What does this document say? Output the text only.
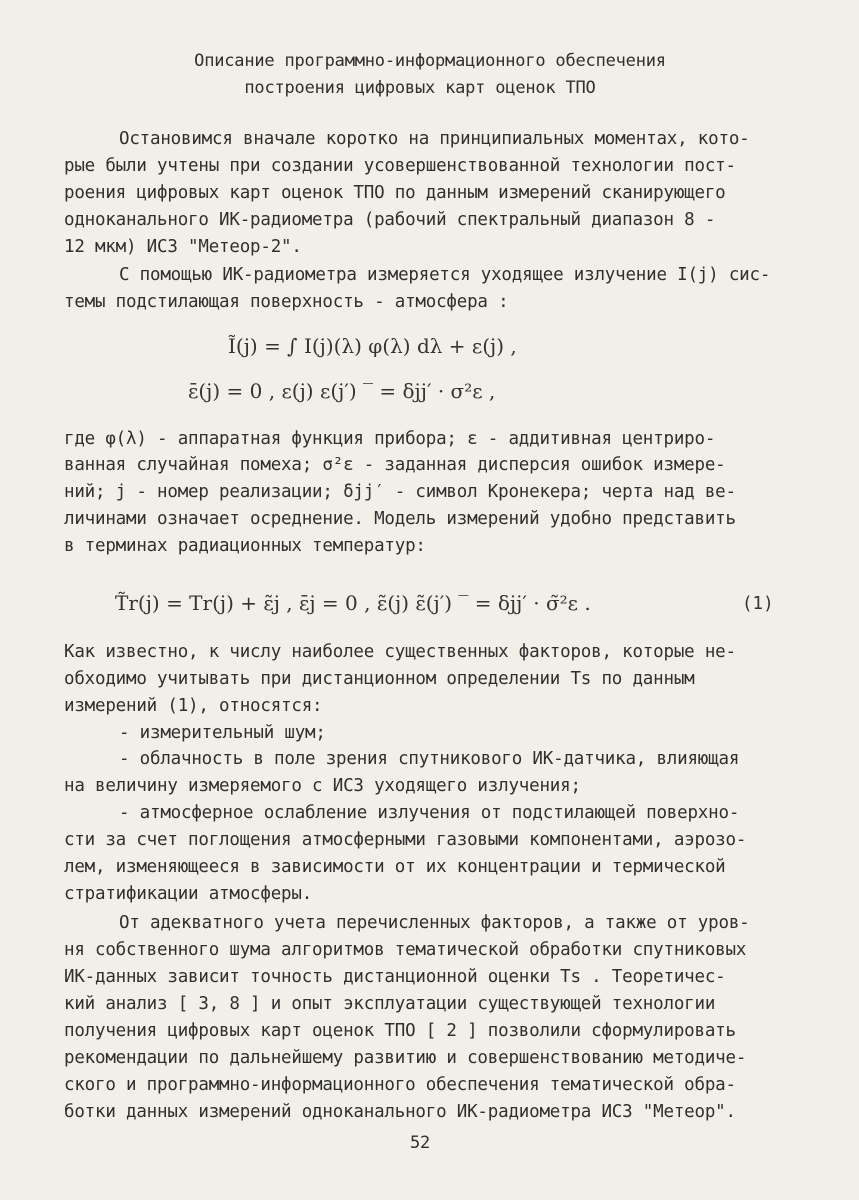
Описание программно-информационного обеспечения
построения цифровых карт оценок ТПО
Остановимся вначале коротко на принципиальных моментах, кото-
рые были учтены при создании усовершенствованной технологии пост-
роения цифровых карт оценок ТПО по данным измерений сканирующего
одноканального ИК-радиометра (рабочий спектральный диапазон 8 -
12 мкм) ИСЗ "Метеор-2".
С помощью ИК-радиометра измеряется уходящее излучение I(j) сис-
темы подстилающая поверхность - атмосфера :
Ĩ(j) = ∫ I(j)(λ) φ(λ) dλ + ε(j) ,
ε̄(j) = 0 , ε(j) ε(j′) ‾ = δjj′ · σ²ε ,
где φ(λ) - аппаратная функция прибора; ε - аддитивная центриро-
ванная случайная помеха; σ²ε - заданная дисперсия ошибок измере-
ний; j - номер реализации; δjj′ - символ Кронекера; черта над ве-
личинами означает осреднение. Модель измерений удобно представить
в терминах радиационных температур:
T̃r(j) = Tr(j) + ε̃j , ε̄j = 0 , ε̃(j) ε̃(j′) ‾ = δjj′ · σ̃²ε .	(1)
Как известно, к числу наиболее существенных факторов, которые не-
обходимо учитывать при дистанционном определении Ts по данным
измерений (1), относятся:
- измерительный шум;
- облачность в поле зрения спутникового ИК-датчика, влияющая
на величину измеряемого с ИСЗ уходящего излучения;
- атмосферное ослабление излучения от подстилающей поверхно-
сти за счет поглощения атмосферными газовыми компонентами, аэрозо-
лем, изменяющееся в зависимости от их концентрации и термической
стратификации атмосферы.
От адекватного учета перечисленных факторов, а также от уров-
ня собственного шума алгоритмов тематической обработки спутниковых
ИК-данных зависит точность дистанционной оценки Ts . Теоретичес-
кий анализ [ 3, 8 ] и опыт эксплуатации существующей технологии
получения цифровых карт оценок ТПО [ 2 ] позволили сформулировать
рекомендации по дальнейшему развитию и совершенствованию методиче-
ского и программно-информационного обеспечения тематической обра-
ботки данных измерений одноканального ИК-радиометра ИСЗ "Метеор".
52
